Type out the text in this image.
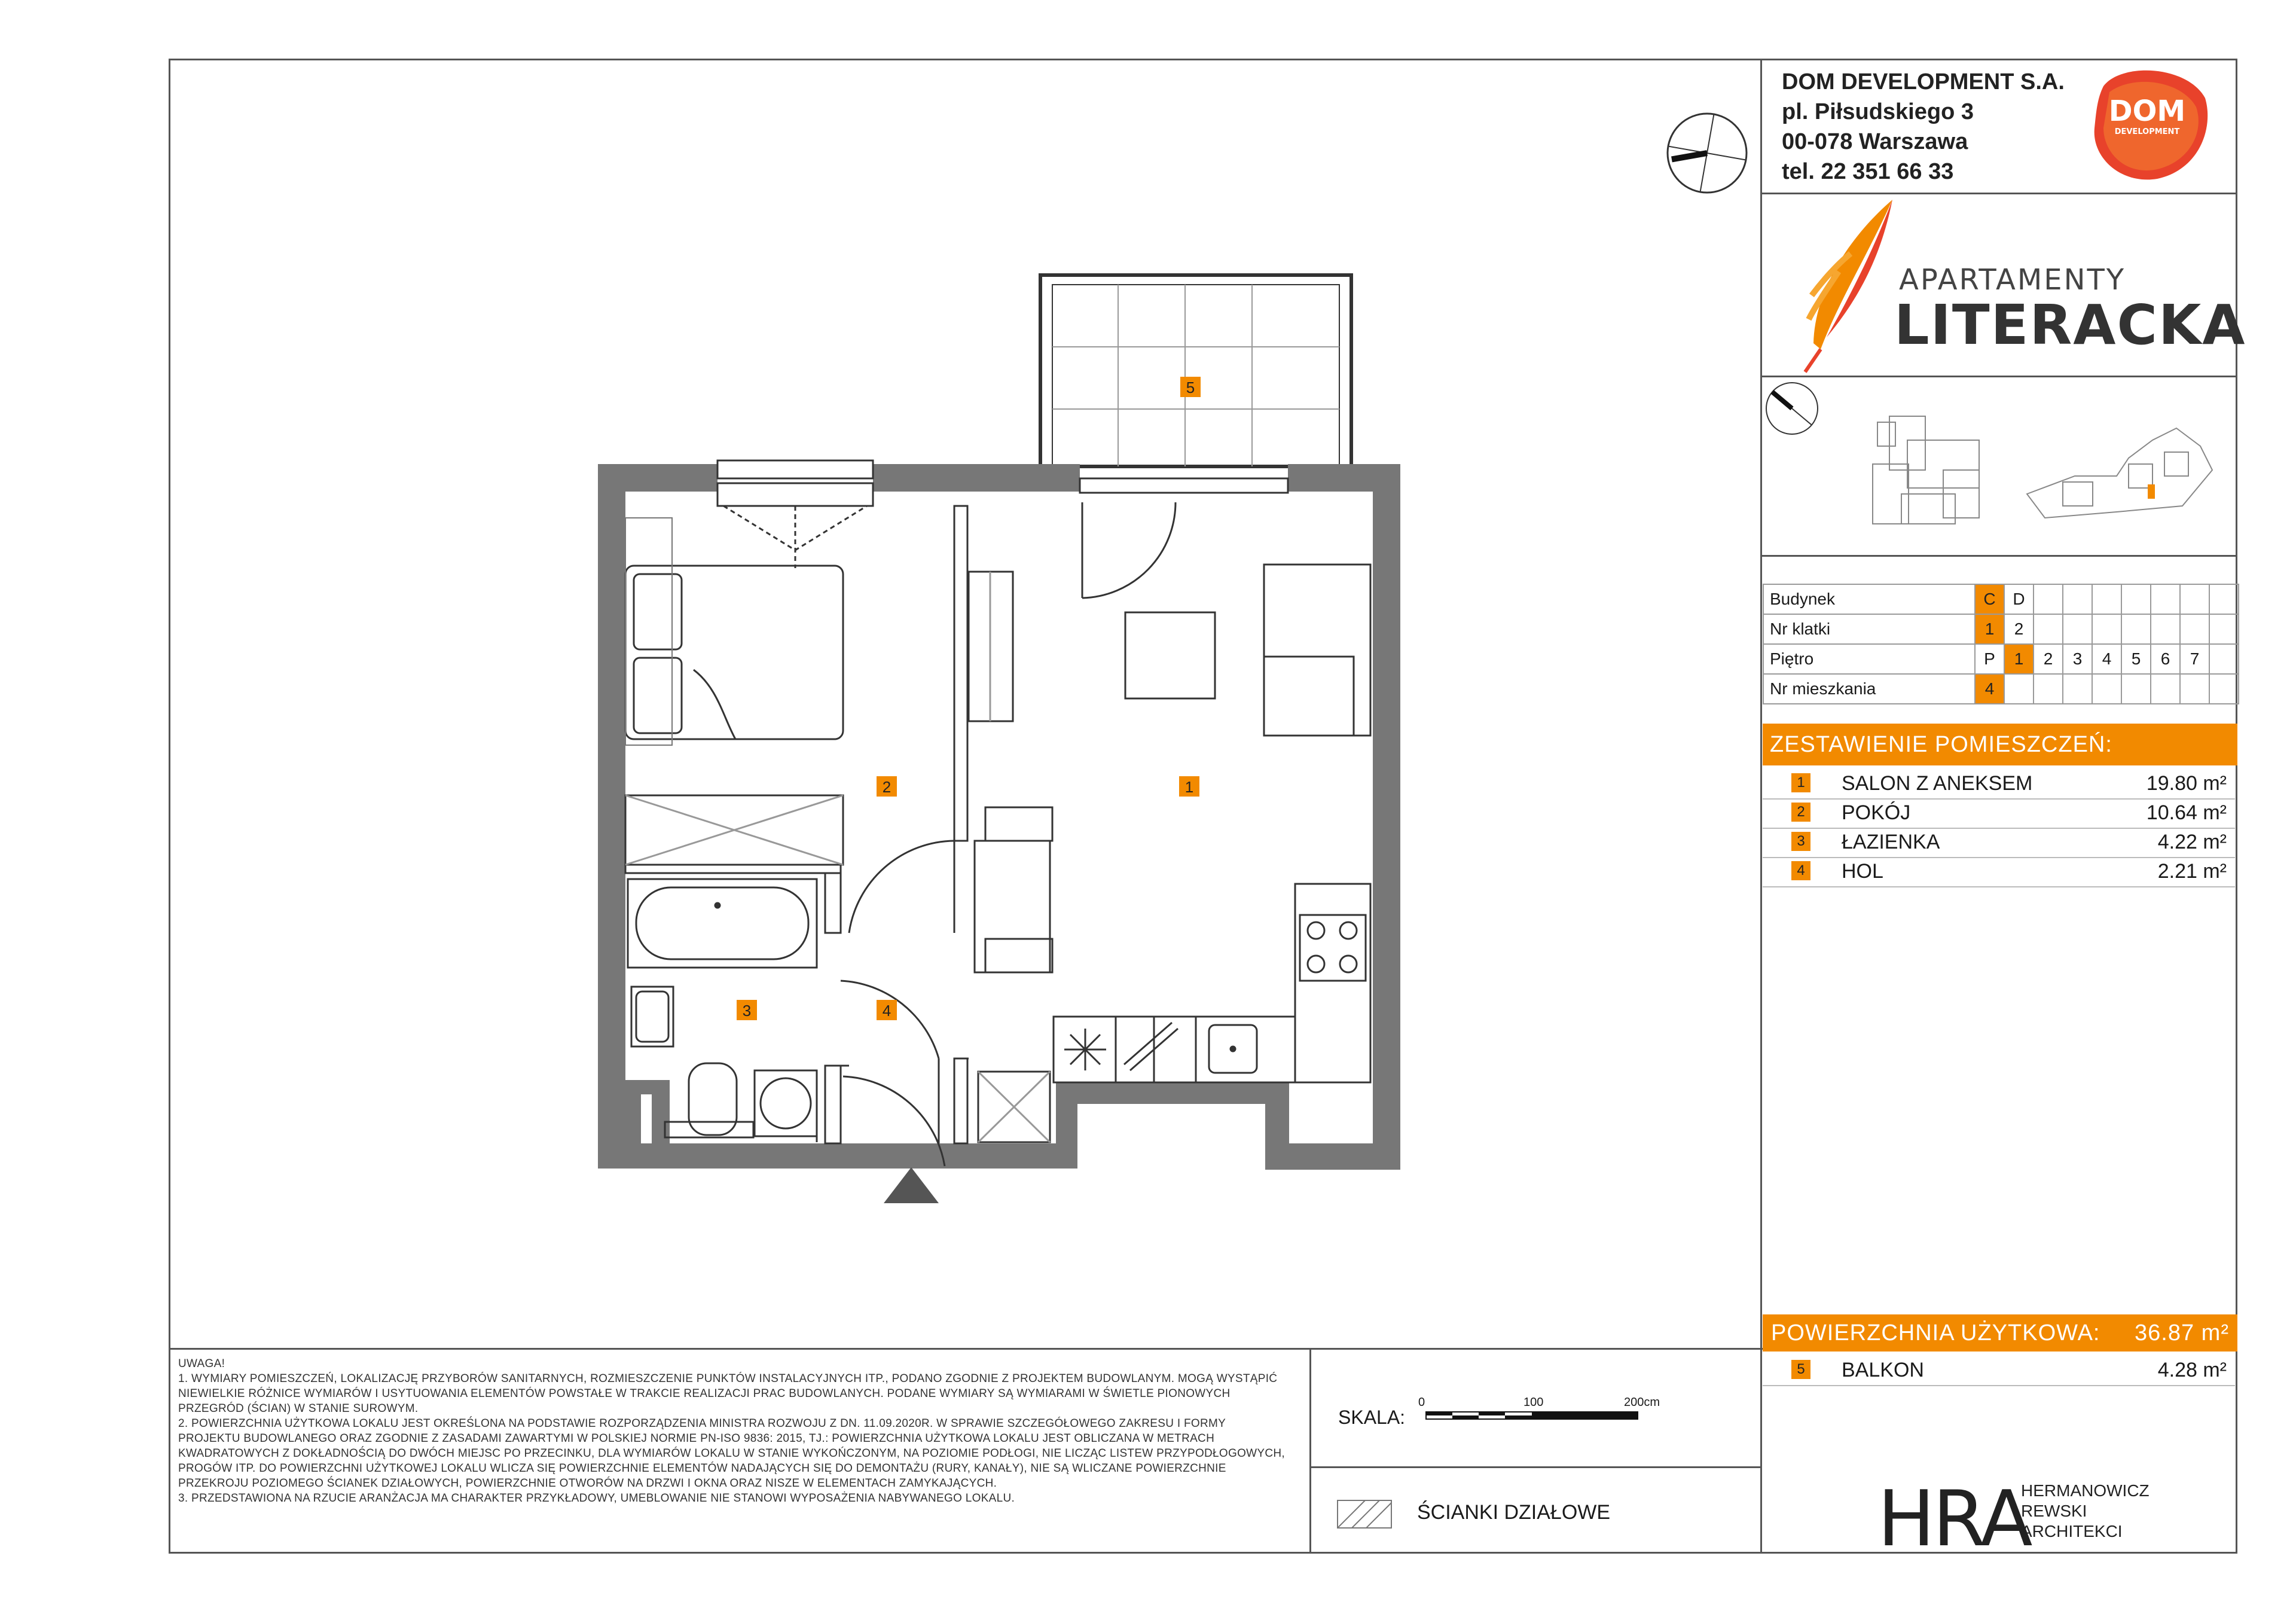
DOM DEVELOPMENT S.A.
pl. Piłsudskiego 3
00-078 Warszawa
tel. 22 351 66 33
DOM
DEVELOPMENT
APARTAMENTY
LITERACKA
Budynek	C	D							
Nr klatki	1	2							
Piętro	P	1	2	3	4	5	6	7	
Nr mieszkania	4								
ZESTAWIENIE POMIESZCZEŃ:
1 SALON Z ANEKSEM	19.80 m²
2 POKÓJ	10.64 m²
3 ŁAZIENKA	4.22 m²
4 HOL	2.21 m²
POWIERZCHNIA UŻYTKOWA: 36.87 m²
5 BALKON	4.28 m²

UWAGA!

1. WYMIARY POMIESZCZEŃ, LOKALIZACJĘ PRZYBORÓW SANITARNYCH, ROZMIESZCZENIE PUNKTÓW INSTALACYJNYCH ITP., PODANO ZGODNIE Z PROJEKTEM BUDOWLANYM. MOGĄ WYSTĄPIĆ NIEWIELKIE RÓŻNICE WYMIARÓW I USYTUOWANIA ELEMENTÓW POWSTAŁE W TRAKCIE REALIZACJI PRAC BUDOWLANYCH. PODANE WYMIARY SĄ WYMIARAMI W ŚWIETLE PIONOWYCH PRZEGRÓD (ŚCIAN) W STANIE SUROWYM.

2. POWIERZCHNIA UŻYTKOWA LOKALU JEST OKREŚLONA NA PODSTAWIE ROZPORZĄDZENIA MINISTRA ROZWOJU Z DN. 11.09.2020R. W SPRAWIE SZCZEGÓŁOWEGO ZAKRESU I FORMY PROJEKTU BUDOWLANEGO ORAZ ZGODNIE Z ZASADAMI ZAWARTYMI W POLSKIEJ NORMIE PN-ISO 9836: 2015, TJ.: POWIERZCHNIA UŻYTKOWA LOKALU JEST OBLICZANA W METRACH KWADRATOWYCH Z DOKŁADNOŚCIĄ DO DWÓCH MIEJSC PO PRZECINKU, DLA WYMIARÓW LOKALU W STANIE WYKOŃCZONYM, NA POZIOMIE PODŁOGI, NIE LICZĄC LISTEW PRZYPODŁOGOWYCH, PROGÓW ITP. DO POWIERZCHNI UŻYTKOWEJ LOKALU WLICZA SIĘ POWIERZCHNIE ELEMENTÓW NADAJĄCYCH SIĘ DO DEMONTAŻU (RURY, KANAŁY), NIE SĄ WLICZANE POWIERZCHNIE PRZEKROJU POZIOMEGO ŚCIANEK DZIAŁOWYCH, POWIERZCHNIE OTWORÓW NA DRZWI I OKNA ORAZ NISZE W ELEMENTACH ZAMYKAJĄCYCH.

3. PRZEDSTAWIONA NA RZUCIE ARANŻACJA MA CHARAKTER PRZYKŁADOWY, UMEBLOWANIE NIE STANOWI WYPOSAŻENIA NABYWANEGO LOKALU.

SKALA:
0	100	200cm
ŚCIANKI DZIAŁOWE	HRA
HERMANOWICZ
REWSKI
ARCHITEKCI
1
2
3	4
5
